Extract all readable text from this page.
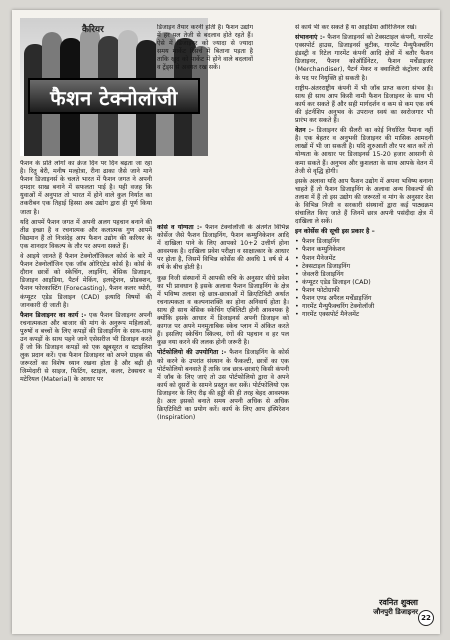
कैरियर
फैशन टेक्नोलॉजी

डिजाइन तैयार करनी होती है। फैशन उद्योग में हर पल तेजी से बदलाव होते रहते हैं। ऐसे में डिजाइनर को ज्यादा से ज्यादा समय मार्केट रिसर्च में बिताना पड़ता है ताकि खुद को मार्केट में होने वाले बदलावों व ट्रेंड्स से अवगत रख सकें।

फैशन के प्रति लोगों का क्रेज दिन पर दिन बढ़ता जा रहा है। रितु बेरी, मनीष मल्होत्रा, रीना ढाका जैसे जाने माने फैशन डिजाइनर्स के चलते भारत में फैशन जगत ने अपनी दमदार साख बनाने में सफलता पाई है। यही वजह कि युवाओं में अनुपात तो भारत में होने वाले कुल निर्यात का तकरीबन एक तिहाई हिस्सा अब उद्योग द्वारा ही पूर्ण किया जाता है।

यदि आपमें फैशन जगत में अपनी अलग पहचान बनाने की तीव्र इच्छा है व रचनात्मक और कलात्मक गुण आपमें विद्यमान हैं तो निःसंदेह आप फैशन उद्योग की करियर के एक शानदार विकल्प के तौर पर अपना सकते हैं।

वे आइये जानते हैं फैशन टेक्नोलॉजिकल कोर्स के बारे में फैशन टेक्नोलॉजिन एक जॉब ओरिएंटेड कोर्स है। कोर्स के दौरान छात्रों को स्केचिंग, लाइनिंग, बेसिक डिजाइन, डिजाइन आइडिया, पैटर्न मेकिंग, इलस्ट्रेशन, प्रोडक्शन, फैशन फोरकास्टिंग (Forecasting), फैशन कलर थ्योरी, कंप्यूटर एडेड डिजाइन (CAD) इत्यादि विषयों की जानकारी दी जाती है।

फैशन डिजाइनर का कार्य :- एक फैशन डिजाइनर अपनी रचनात्मकता और बाजार की मांग के अनुरूप महिलाओं, पुरुषों व बच्चों के लिए कपड़ों की डिजाइनिंग के साथ-साथ उन कपड़ों के साथ पहने जाने एसेसरीज भी डिजाइन करते हैं जो कि डिजाइन कपड़ों को एक खूबसूरत व स्टाइलिश लुक प्रदान करें। एक फैशन डिजाइनर को अपने ग्राहक की जरूरतों का विशेष ध्यान रखना होता है और बढ़ी ही जिम्मेदारी से साइज, फिटिंग, स्टाइल, कलर, टेक्सचर व मटेरियल (Material) के आधार पर

कोर्स व योग्यता :- फैशन टेक्नोलॉजी के अंतर्गत विभिन्न कोर्सेज जैसे फैशन डिजाइनिंग, फैशन कम्युनिकेशन आदि में दाखिला पाने के लिए आपको 10+2 उत्तीर्ण होना आवश्यक है। दाखिला प्रवेश परीक्षा व साक्षात्कार के आधार पर होता है, जिसमें विभिन्न कोर्सेस की अवधि 1 वर्ष से 4 वर्ष के बीच होती है।

कुछ निजी संस्थानों में आपकी रुचि के अनुसार सीधे प्रवेश का भी प्रावधान है इसके अलावा फैशन डिजाइनिंग के क्षेत्र में भविष्य तलाश रहे छात्र-छात्राओं में क्रिएटिविटी अर्थात रचनात्मकता व कल्पनाशक्ति का होना अनिवार्य होता है। साथ ही साथ बेसिक स्केचिंग एबिलिटी होनी आवश्यक है क्योंकि इसके आधार में डिजाइनर्स अपनी डिजाइन को कागज पर अपने मनमुताबिक स्केच प्लान में अंकित करते हैं। इसलिए स्केचिंग स्किल्स, रंगों की पहचान व हर पल कुछ नया करने की ललक होनी जरूरी है।

पोर्टफोलियो की उपयोगिता :- फैशन डिजाइनिंग के कोर्स को करने के उपरांत संस्थान के फैकल्टी, छात्रों का एक पोर्टफोलियो बनवाते हैं ताकि जब छात्र-छात्राएं किसी कंपनी में जॉब के लिए जाएं तो उस पोर्टफोलियो द्वारा वे अपने कार्य को दूसरों के सामने प्रस्तुत कर सकें। पोर्टफोलियो एक डिजाइनर के लिए रीढ़ की हड्डी की ही तरह बेहद आवश्यक है। अतः इसको बनाते समय अपनी अधिक से अधिक क्रिएटिविटी का प्रयोग करें। कार्य के लिए आप इंस्पिरेशन (Inspiration)

से कार्य भी कर सकते हैं या आइडिया ओरिजिनल रखें।

संभावनाएं :- फैशन डिजाइनर्स को टेक्सटाइल कंपनी, गारमेंट एक्सपोर्ट हाउस, डिजाइनर्स बुटीक, गारमेंट मैन्युफैक्चरिंग इंडस्ट्री व रिटेल गारमेंट कंपनी आदि क्षेत्रों में बतौर फैशन डिजाइनर, फैशन कोऑर्डिनेटर, फैशन मर्चेंडाइजर (Merchandiser), पैटर्न मेकर व क्वालिटी कंट्रोलर आदि के पद पर नियुक्ति हो सकती है।

राष्ट्रीय-अंतरराष्ट्रीय कंपनी में भी जॉब प्राप्त करना संभव है। साथ ही साथ आप किसी नामी फैशन डिजाइनर के साथ भी कार्य कर सकते हैं और सही मार्गदर्शन व कम से कम एक वर्ष की इंटर्नशिप अनुभव के उपरान्त स्वयं का स्वरोजगार भी प्रारंभ कर सकते हैं।

वेतन :- डिजाइनर की सैलरी का कोई निर्धारित पैमाना नहीं है। एक बेहतर व अनुभवी डिजाइनर की मासिक आमदनी लाखों में भी जा सकती है। यदि शुरुआती तौर पर बात करें तो योग्यता के आधार पर डिजाइनर्स 15-20 हजार आसानी से कमा सकते हैं। अनुभव और कुशलता के साथ आपके वेतन में तेजी से वृद्धि होगी।

इसके अलावा यदि आप फैशन उद्योग में अपना भविष्य बनाना चाहते हैं तो फैशन डिजाइनिंग के अलावा अन्य विकल्पों की तलाश में हैं तो इस उद्योग की जरूरतों व मांग के अनुसार देश के विभिन्न निजी व सरकारी संस्थानों द्वारा कई पाठ्यक्रम संचालित किए जाते हैं जिनमें छात्र अपनी पसंदीदा क्षेत्र में दाखिला ले सकें।

इन कोर्सेस की सूची इस प्रकार है –

• फैशन डिजाइनिंग
• फैशन कम्युनिकेशन
• फैशन मैनेजमेंट
• टेक्सटाइल डिजाइनिंग
• जेवलरी डिजाइनिंग
• कंप्यूटर एडेड डिजाइन (CAD)
• फैशन फोटोग्राफी
• फैशन एण्ड अपैरल मर्चेंडाइजिंग
• गारमेंट मैन्युफैक्चरिंग टेक्नोलॉजी
• गारमेंट एक्सपोर्ट मैनेजमेंट
रवनित शुक्ला
जौनपुरी डिजाइनर
22
